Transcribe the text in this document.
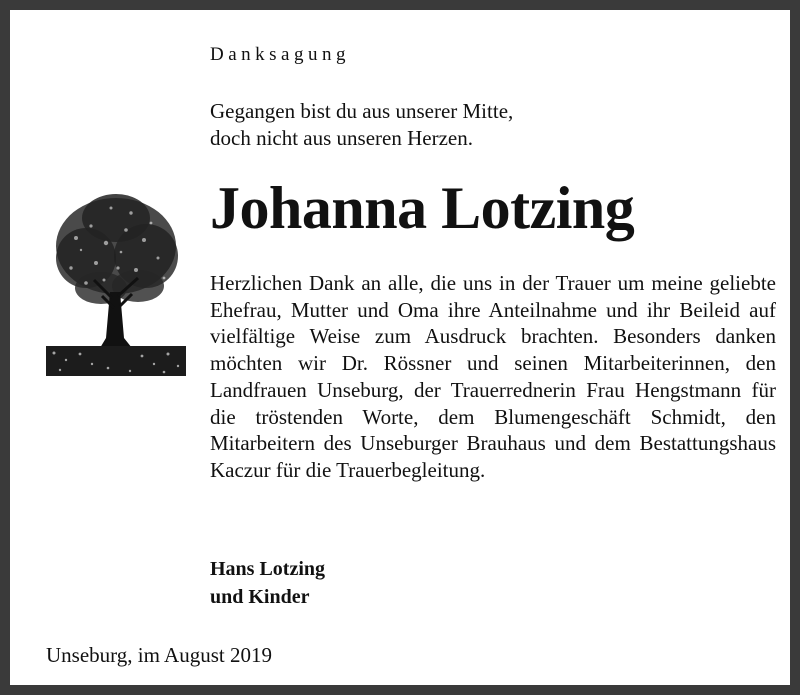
Danksagung
Gegangen bist du aus unserer Mitte,
doch nicht aus unseren Herzen.
Johanna Lotzing
Herzlichen Dank an alle, die uns in der Trauer um meine geliebte Ehefrau, Mutter und Oma ihre Anteilnahme und ihr Beileid auf vielfältige Weise zum Ausdruck brachten. Besonders danken möchten wir Dr. Rössner und seinen Mitarbeiterinnen, den Landfrauen Unseburg, der Trauerrednerin Frau Hengstmann für die tröstenden Worte, dem Blumengeschäft Schmidt, den Mitarbeitern des Unseburger Brauhaus und dem Bestattungshaus Kaczur für die Trauerbegleitung.
Hans Lotzing
und Kinder
Unseburg, im August 2019
